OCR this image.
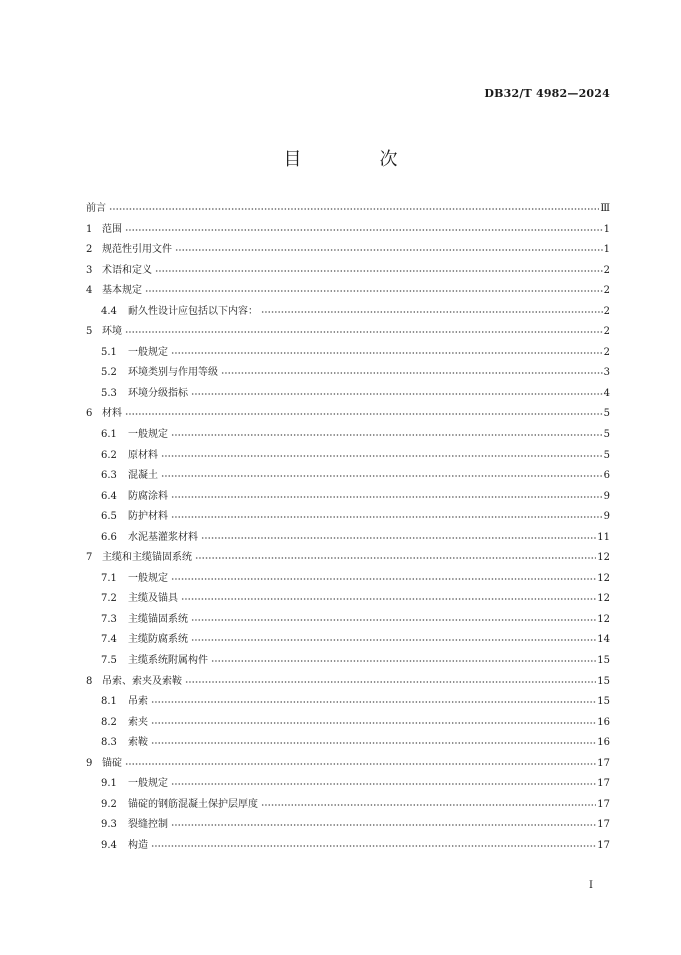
DB32/T 4982—2024
目　次
前言	Ⅲ
1 范围	1
2 规范性引用文件	1
3 术语和定义	2
4 基本规定	2
4.4	耐久性设计应包括以下内容：	2
5 环境	2
5.1	一般规定	2
5.2	环境类别与作用等级	3
5.3	环境分级指标	4
6 材料	5
6.1	一般规定	5
6.2	原材料	5
6.3	混凝土	6
6.4	防腐涂料	9
6.5	防护材料	9
6.6	水泥基灌浆材料	11
7 主缆和主缆锚固系统	12
7.1	一般规定	12
7.2	主缆及锚具	12
7.3	主缆锚固系统	12
7.4	主缆防腐系统	14
7.5	主缆系统附属构件	15
8 吊索、索夹及索鞍	15
8.1	吊索	15
8.2	索夹	16
8.3	索鞍	16
9 锚碇	17
9.1	一般规定	17
9.2	锚碇的钢筋混凝土保护层厚度	17
9.3	裂缝控制	17
9.4	构造	17
I
